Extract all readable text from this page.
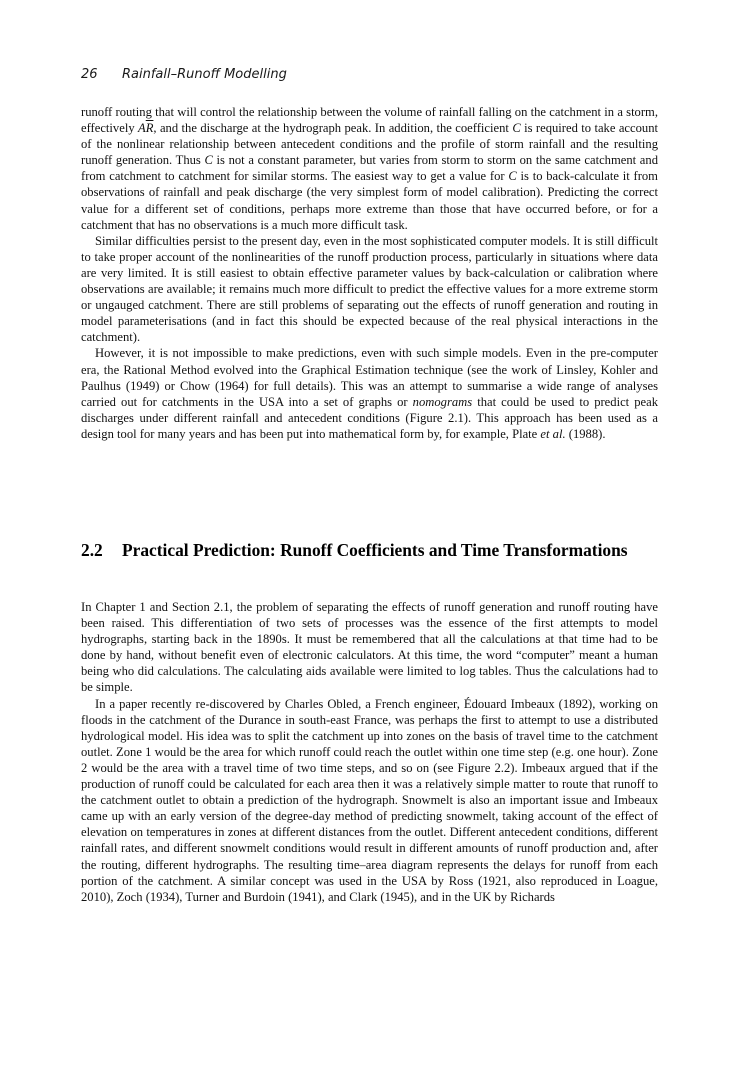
26 Rainfall–Runoff Modelling

runoff routing that will control the relationship between the volume of rainfall falling on the catchment in a storm, effectively $A\overline{R}$, and the discharge at the hydrograph peak. In addition, the coefficient C is required to take account of the nonlinear relationship between antecedent conditions and the profile of storm rainfall and the resulting runoff generation. Thus C is not a constant parameter, but varies from storm to storm on the same catchment and from catchment to catchment for similar storms. The easiest way to get a value for C is to back-calculate it from observations of rainfall and peak discharge (the very simplest form of model calibration). Predicting the correct value for a different set of conditions, perhaps more extreme than those that have occurred before, or for a catchment that has no observations is a much more difficult task.

Similar difficulties persist to the present day, even in the most sophisticated computer models. It is still difficult to take proper account of the nonlinearities of the runoff production process, particularly in situations where data are very limited. It is still easiest to obtain effective parameter values by back-calculation or calibration where observations are available; it remains much more difficult to predict the effective values for a more extreme storm or ungauged catchment. There are still problems of separating out the effects of runoff generation and routing in model parameterisations (and in fact this should be expected because of the real physical interactions in the catchment).

However, it is not impossible to make predictions, even with such simple models. Even in the pre-computer era, the Rational Method evolved into the Graphical Estimation technique (see the work of Linsley, Kohler and Paulhus (1949) or Chow (1964) for full details). This was an attempt to summarise a wide range of analyses carried out for catchments in the USA into a set of graphs or nomograms that could be used to predict peak discharges under different rainfall and antecedent conditions (Figure 2.1). This approach has been used as a design tool for many years and has been put into mathematical form by, for example, Plate et al. (1988).

2.2 Practical Prediction: Runoff Coefficients and Time Transformations

In Chapter 1 and Section 2.1, the problem of separating the effects of runoff generation and runoff routing have been raised. This differentiation of two sets of processes was the essence of the first attempts to model hydrographs, starting back in the 1890s. It must be remembered that all the calculations at that time had to be done by hand, without benefit even of electronic calculators. At this time, the word “computer” meant a human being who did calculations. The calculating aids available were limited to log tables. Thus the calculations had to be simple.

In a paper recently re-discovered by Charles Obled, a French engineer, Édouard Imbeaux (1892), working on floods in the catchment of the Durance in south-east France, was perhaps the first to attempt to use a distributed hydrological model. His idea was to split the catchment up into zones on the basis of travel time to the catchment outlet. Zone 1 would be the area for which runoff could reach the outlet within one time step (e.g. one hour). Zone 2 would be the area with a travel time of two time steps, and so on (see Figure 2.2). Imbeaux argued that if the production of runoff could be calculated for each area then it was a relatively simple matter to route that runoff to the catchment outlet to obtain a prediction of the hydrograph. Snowmelt is also an important issue and Imbeaux came up with an early version of the degree-day method of predicting snowmelt, taking account of the effect of elevation on temperatures in zones at different distances from the outlet. Different antecedent conditions, different rainfall rates, and different snowmelt conditions would result in different amounts of runoff production and, after the routing, different hydrographs. The resulting time–area diagram represents the delays for runoff from each portion of the catchment. A similar concept was used in the USA by Ross (1921, also reproduced in Loague, 2010), Zoch (1934), Turner and Burdoin (1941), and Clark (1945), and in the UK by Richards
